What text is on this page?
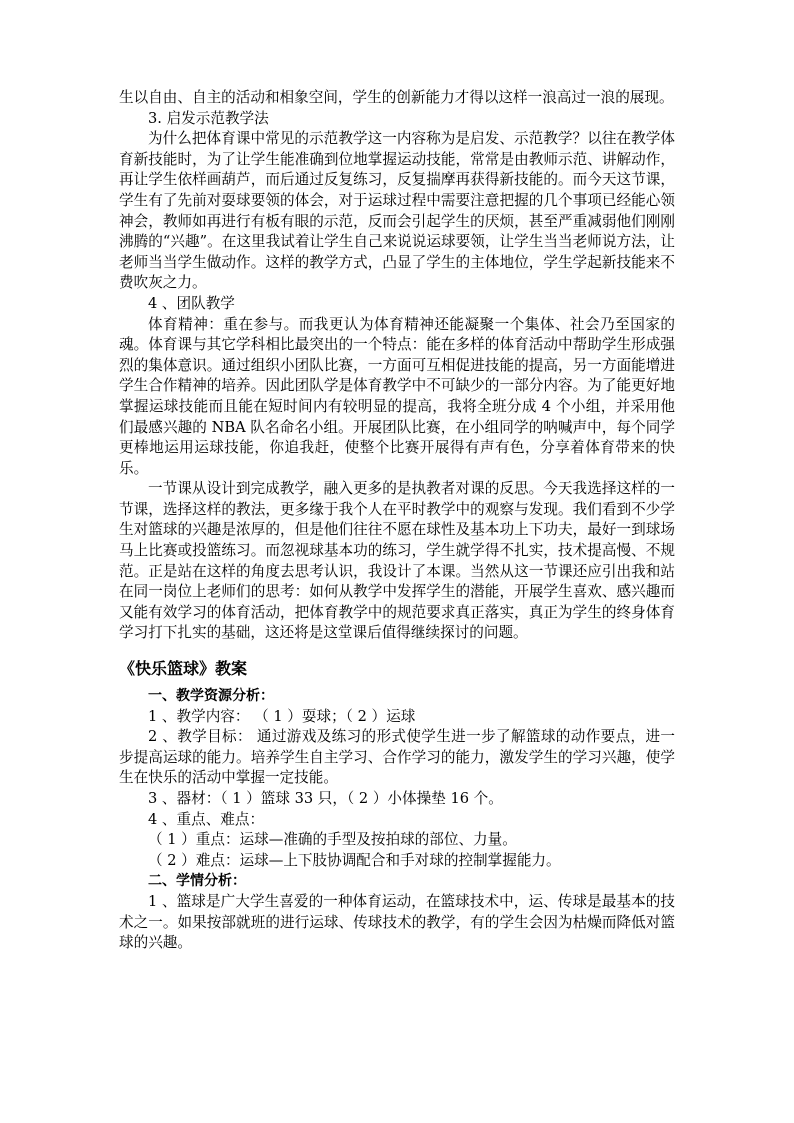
生以自由、自主的活动和相象空间，学生的创新能力才得以这样一浪高过一浪的展现。

3. 启发示范教学法

为什么把体育课中常见的示范教学这一内容称为是启发、示范教学？以往在教学体育新技能时，为了让学生能准确到位地掌握运动技能，常常是由教师示范、讲解动作，再让学生依样画葫芦，而后通过反复练习，反复揣摩再获得新技能的。而今天这节课，学生有了先前对耍球要领的体会，对于运球过程中需要注意把握的几个事项已经能心领神会，教师如再进行有板有眼的示范，反而会引起学生的厌烦，甚至严重减弱他们刚刚沸腾的“兴趣”。在这里我试着让学生自己来说说运球要领，让学生当当老师说方法，让老师当当学生做动作。这样的教学方式，凸显了学生的主体地位，学生学起新技能来不费吹灰之力。

4 、团队教学

体育精神：重在参与。而我更认为体育精神还能凝聚一个集体、社会乃至国家的魂。体育课与其它学科相比最突出的一个特点：能在多样的体育活动中帮助学生形成强烈的集体意识。通过组织小团队比赛，一方面可互相促进技能的提高，另一方面能增进学生合作精神的培养。因此团队学是体育教学中不可缺少的一部分内容。为了能更好地掌握运球技能而且能在短时间内有较明显的提高，我将全班分成 4 个小组，并采用他们最感兴趣的 NBA 队名命名小组。开展团队比赛，在小组同学的呐喊声中，每个同学更棒地运用运球技能，你追我赶，使整个比赛开展得有声有色，分享着体育带来的快乐。

一节课从设计到完成教学，融入更多的是执教者对课的反思。今天我选择这样的一节课，选择这样的教法，更多缘于我个人在平时教学中的观察与发现。我们看到不少学生对篮球的兴趣是浓厚的，但是他们往往不愿在球性及基本功上下功夫，最好一到球场马上比赛或投篮练习。而忽视球基本功的练习，学生就学得不扎实，技术提高慢、不规范。正是站在这样的角度去思考认识，我设计了本课。当然从这一节课还应引出我和站在同一岗位上老师们的思考：如何从教学中发挥学生的潜能，开展学生喜欢、感兴趣而又能有效学习的体育活动，把体育教学中的规范要求真正落实，真正为学生的终身体育学习打下扎实的基础，这还将是这堂课后值得继续探讨的问题。

《快乐篮球》教案

一、教学资源分析：

1 、教学内容： （ 1 ）耍球；（ 2 ）运球

2 、教学目标： 通过游戏及练习的形式使学生进一步了解篮球的动作要点，进一步提高运球的能力。培养学生自主学习、合作学习的能力，激发学生的学习兴趣，使学生在快乐的活动中掌握一定技能。

3 、器材：（ 1 ）篮球 33 只，（ 2 ）小体操垫 16 个。

4 、重点、难点：

（ 1 ）重点：运球—准确的手型及按拍球的部位、力量。

（ 2 ）难点：运球—上下肢协调配合和手对球的控制掌握能力。

二、学情分析：

1 、篮球是广大学生喜爱的一种体育运动，在篮球技术中，运、传球是最基本的技术之一。如果按部就班的进行运球、传球技术的教学，有的学生会因为枯燥而降低对篮球的兴趣。
